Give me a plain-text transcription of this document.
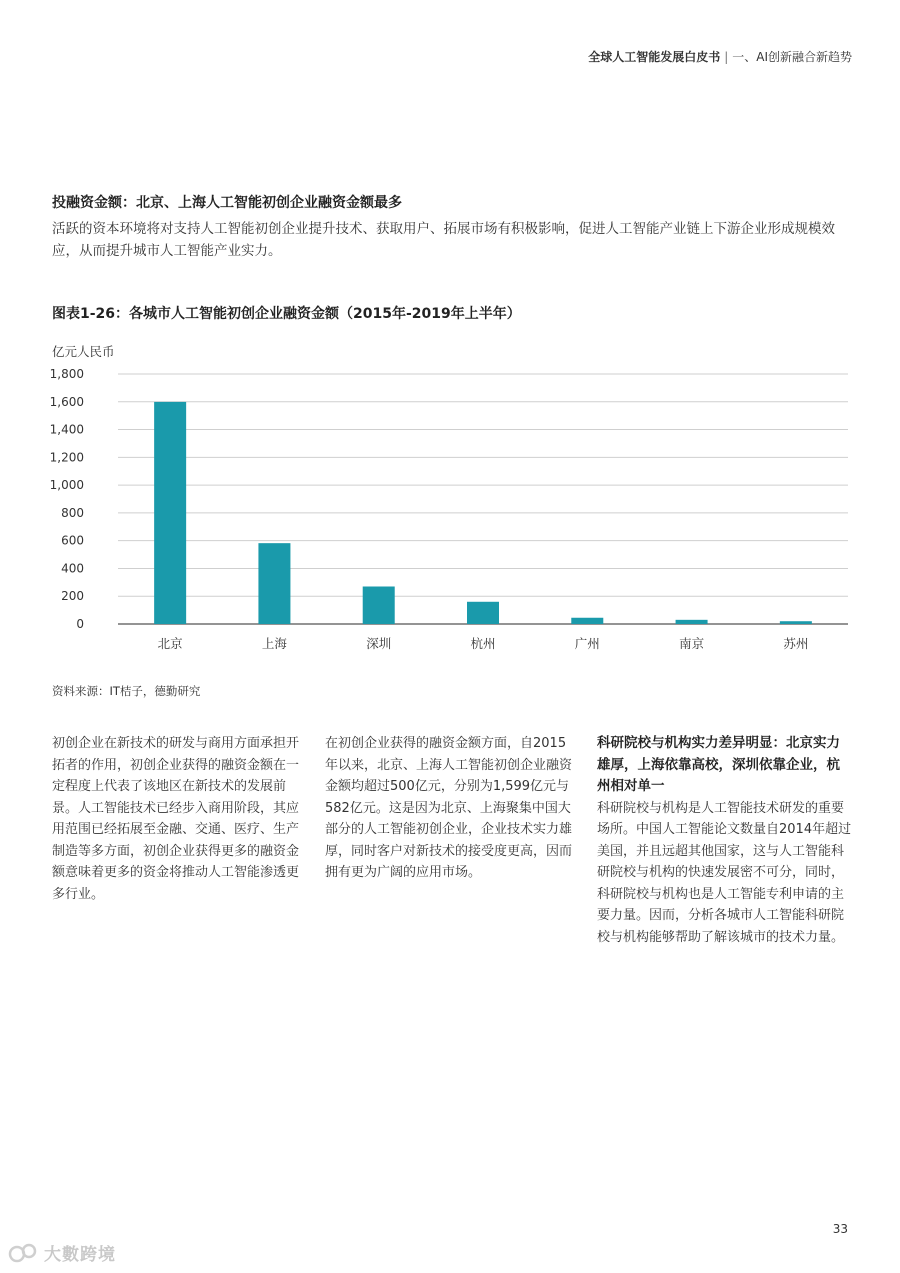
全球人工智能发展白皮书 | 一、AI创新融合新趋势
投融资金额：北京、上海人工智能初创企业融资金额最多

活跃的资本环境将对支持人工智能初创企业提升技术、获取用户、拓展市场有积极影响，促进人工智能产业链上下游企业形成规模效应，从而提升城市人工智能产业实力。

图表1-26：各城市人工智能初创企业融资金额（2015年-2019年上半年）
亿元人民币
0
200
400
600
800
1,000
1,200
1,400
1,600
1,800
北京	上海	深圳	杭州	广州	南京	苏州
资料来源：IT桔子，德勤研究

初创企业在新技术的研发与商用方面承担开拓者的作用，初创企业获得的融资金额在一定程度上代表了该地区在新技术的发展前景。人工智能技术已经步入商用阶段，其应用范围已经拓展至金融、交通、医疗、生产制造等多方面，初创企业获得更多的融资金额意味着更多的资金将推动人工智能渗透更多行业。

在初创企业获得的融资金额方面，自2015年以来，北京、上海人工智能初创企业融资金额均超过500亿元，分别为1,599亿元与582亿元。这是因为北京、上海聚集中国大部分的人工智能初创企业，企业技术实力雄厚，同时客户对新技术的接受度更高，因而拥有更为广阔的应用市场。

科研院校与机构实力差异明显：北京实力雄厚，上海依靠高校，深圳依靠企业，杭州相对单一

科研院校与机构是人工智能技术研发的重要场所。中国人工智能论文数量自2014年超过美国，并且远超其他国家，这与人工智能科研院校与机构的快速发展密不可分，同时，科研院校与机构也是人工智能专利申请的主要力量。因而，分析各城市人工智能科研院校与机构能够帮助了解该城市的技术力量。

33
大數跨境
